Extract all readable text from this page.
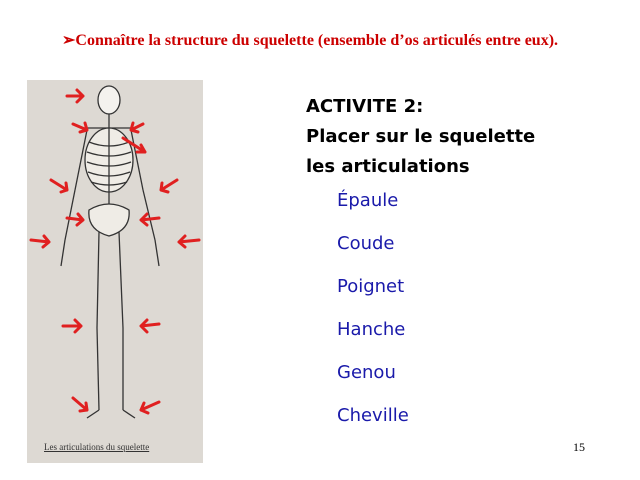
➢Connaître la structure du squelette (ensemble d’os articulés entre eux).
Les articulations du squelette
ACTIVITE 2:
Placer sur le squelette
les articulations
Épaule
Coude
Poignet
Hanche
Genou
Cheville
15
